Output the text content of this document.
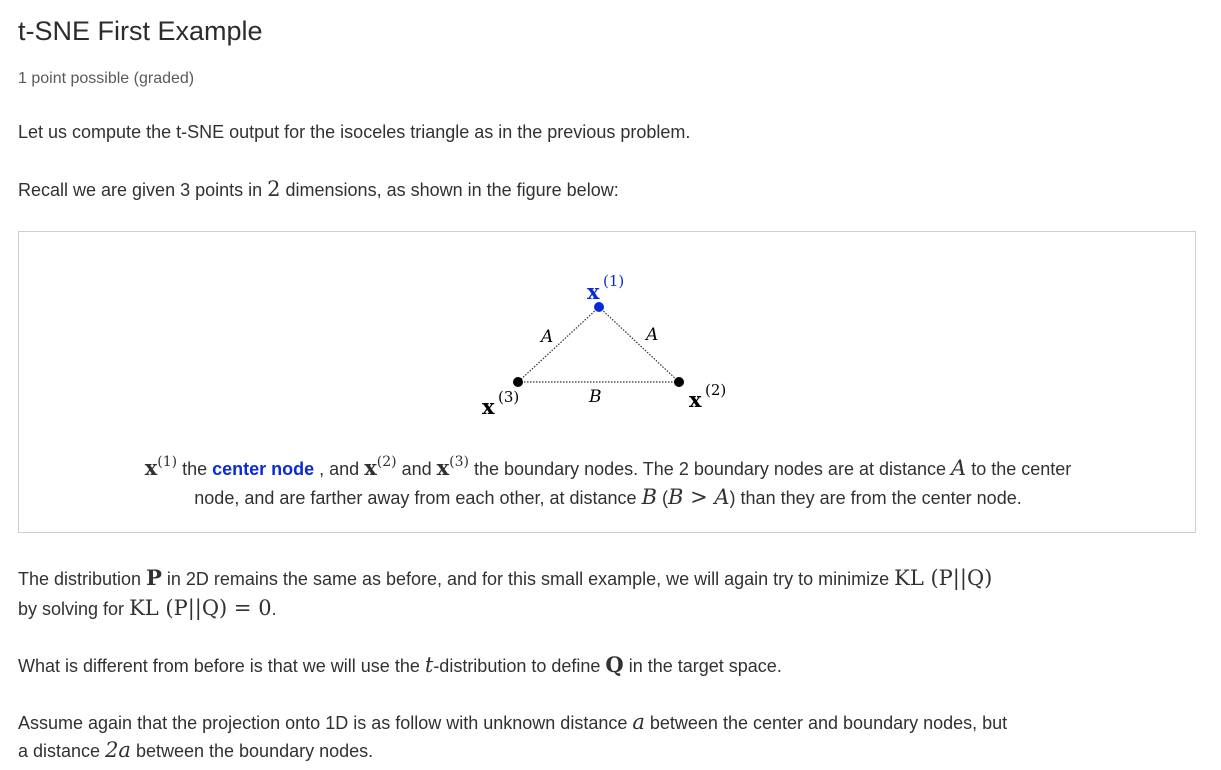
t-SNE First Example
1 point possible (graded)
Let us compute the t-SNE output for the isoceles triangle as in the previous problem.
Recall we are given 3 points in 2 dimensions, as shown in the figure below:
x (1)
x (2)
x (3)
A	A
B
$x^{(1)}$ the center node , and $x^{(2)}$ and $x^{(3)}$ the boundary nodes. The 2 boundary nodes are at distance A to the center
node, and are farther away from each other, at distance B (B > A) than they are from the center node.
The distribution P in 2D remains the same as before, and for this small example, we will again try to minimize KL (P||Q)
by solving for KL (P||Q) = 0.
What is different from before is that we will use the t-distribution to define Q in the target space.
Assume again that the projection onto 1D is as follow with unknown distance a between the center and boundary nodes, but
a distance 2a between the boundary nodes.
